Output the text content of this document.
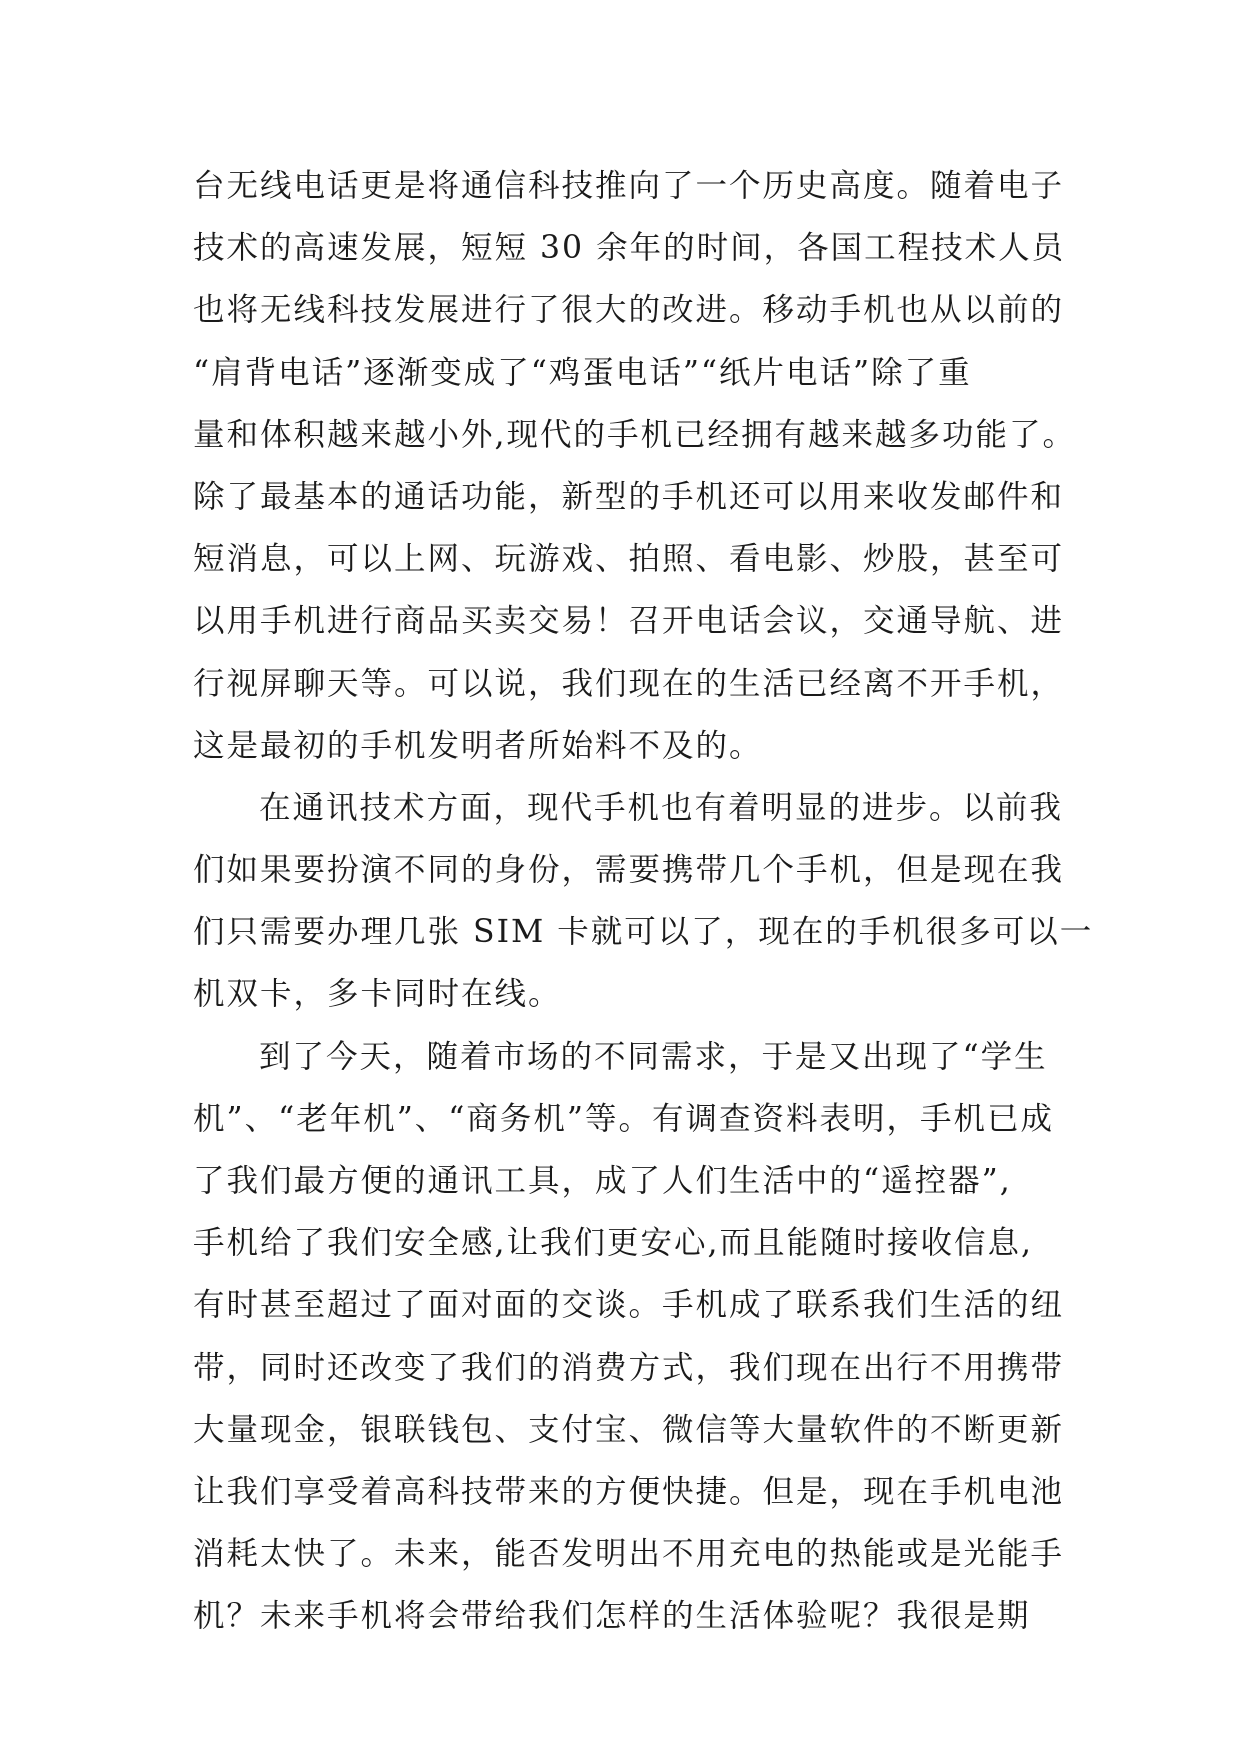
台无线电话更是将通信科技推向了一个历史高度。随着电子
技术的高速发展，短短 30 余年的时间，各国工程技术人员
也将无线科技发展进行了很大的改进。移动手机也从以前的
“肩背电话”逐渐变成了“鸡蛋电话”“纸片电话”除了重
量和体积越来越小外,现代的手机已经拥有越来越多功能了。
除了最基本的通话功能，新型的手机还可以用来收发邮件和
短消息，可以上网、玩游戏、拍照、看电影、炒股，甚至可
以用手机进行商品买卖交易！召开电话会议，交通导航、进
行视屏聊天等。可以说，我们现在的生活已经离不开手机，
这是最初的手机发明者所始料不及的。
在通讯技术方面，现代手机也有着明显的进步。以前我
们如果要扮演不同的身份，需要携带几个手机，但是现在我
们只需要办理几张 SIM 卡就可以了，现在的手机很多可以一
机双卡，多卡同时在线。
到了今天，随着市场的不同需求，于是又出现了“学生
机”、“老年机”、“商务机”等。有调查资料表明，手机已成
了我们最方便的通讯工具，成了人们生活中的“遥控器”,
手机给了我们安全感,让我们更安心,而且能随时接收信息,
有时甚至超过了面对面的交谈。手机成了联系我们生活的纽
带，同时还改变了我们的消费方式，我们现在出行不用携带
大量现金，银联钱包、支付宝、微信等大量软件的不断更新
让我们享受着高科技带来的方便快捷。但是，现在手机电池
消耗太快了。未来，能否发明出不用充电的热能或是光能手
机？未来手机将会带给我们怎样的生活体验呢？我很是期
